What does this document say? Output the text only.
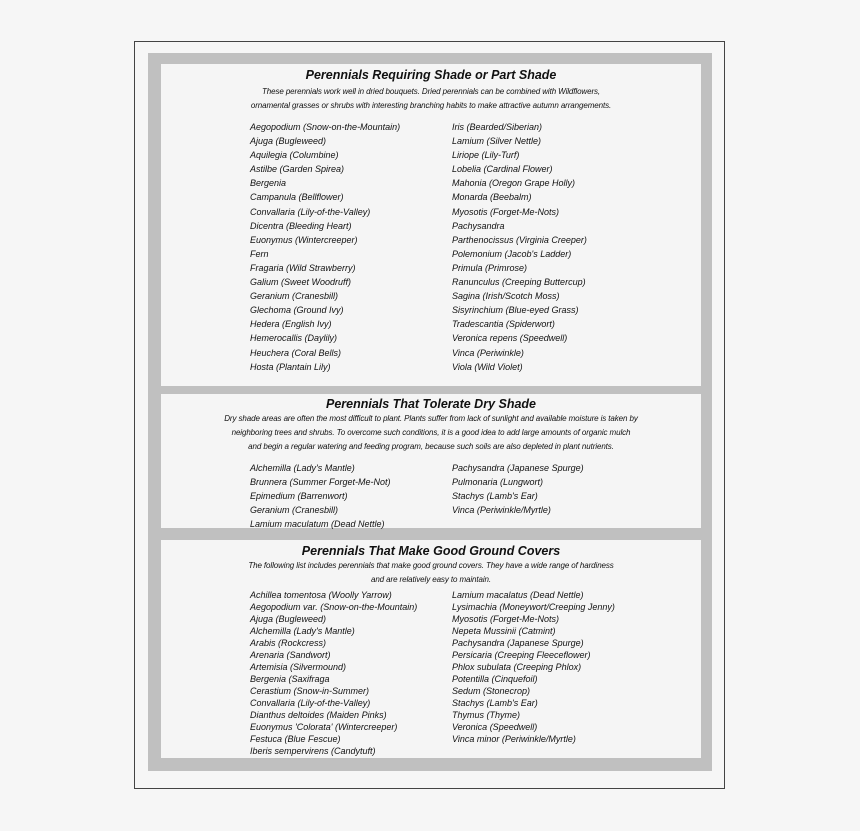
Perennials Requiring Shade or Part Shade

These perennials work well in dried bouquets. Dried perennials can be combined with Wildflowers,

ornamental grasses or shrubs with interesting branching habits to make attractive autumn arrangements.

Aegopodium (Snow-on-the-Mountain)
Ajuga (Bugleweed)
Aquilegia (Columbine)
Astilbe (Garden Spirea)
Bergenia
Campanula (Bellflower)
Convallaria (Lily-of-the-Valley)
Dicentra (Bleeding Heart)
Euonymus (Wintercreeper)
Fern
Fragaria (Wild Strawberry)
Galium (Sweet Woodruff)
Geranium (Cranesbill)
Glechoma (Ground Ivy)
Hedera (English Ivy)
Hemerocallis (Daylily)
Heuchera (Coral Bells)
Hosta (Plantain Lily)
Iris (Bearded/Siberian)
Lamium (Silver Nettle)
Liriope (Lily-Turf)
Lobelia (Cardinal Flower)
Mahonia (Oregon Grape Holly)
Monarda (Beebalm)
Myosotis (Forget-Me-Nots)
Pachysandra
Parthenocissus (Virginia Creeper)
Polemonium (Jacob's Ladder)
Primula (Primrose)
Ranunculus (Creeping Buttercup)
Sagina (Irish/Scotch Moss)
Sisyrinchium (Blue-eyed Grass)
Tradescantia (Spiderwort)
Veronica repens (Speedwell)
Vinca (Periwinkle)
Viola (Wild Violet)
Perennials That Tolerate Dry Shade

Dry shade areas are often the most difficult to plant. Plants suffer from lack of sunlight and available moisture is taken by

neighboring trees and shrubs. To overcome such conditions, it is a good idea to add large amounts of organic mulch

and begin a regular watering and feeding program, because such soils are also depleted in plant nutrients.

Alchemilla (Lady's Mantle)
Brunnera (Summer Forget-Me-Not)
Epimedium (Barrenwort)
Geranium (Cranesbill)
Lamium maculatum (Dead Nettle)
Pachysandra (Japanese Spurge)
Pulmonaria (Lungwort)
Stachys (Lamb's Ear)
Vinca (Periwinkle/Myrtle)
Perennials That Make Good Ground Covers

The following list includes perennials that make good ground covers. They have a wide range of hardiness

and are relatively easy to maintain.

Achillea tomentosa (Woolly Yarrow)
Aegopodium var. (Snow-on-the-Mountain)
Ajuga (Bugleweed)
Alchemilla (Lady's Mantle)
Arabis (Rockcress)
Arenaria (Sandwort)
Artemisia (Silvermound)
Bergenia (Saxifraga
Cerastium (Snow-in-Summer)
Convallaria (Lily-of-the-Valley)
Dianthus deltoides (Maiden Pinks)
Euonymus 'Colorata' (Wintercreeper)
Festuca (Blue Fescue)
Iberis sempervirens (Candytuft)
Lamium macalatus (Dead Nettle)
Lysimachia (Moneywort/Creeping Jenny)
Myosotis (Forget-Me-Nots)
Nepeta Mussinii (Catmint)
Pachysandra (Japanese Spurge)
Persicaria (Creeping Fleeceflower)
Phlox subulata (Creeping Phlox)
Potentilla (Cinquefoil)
Sedum (Stonecrop)
Stachys (Lamb's Ear)
Thymus (Thyme)
Veronica (Speedwell)
Vinca minor (Periwinkle/Myrtle)
